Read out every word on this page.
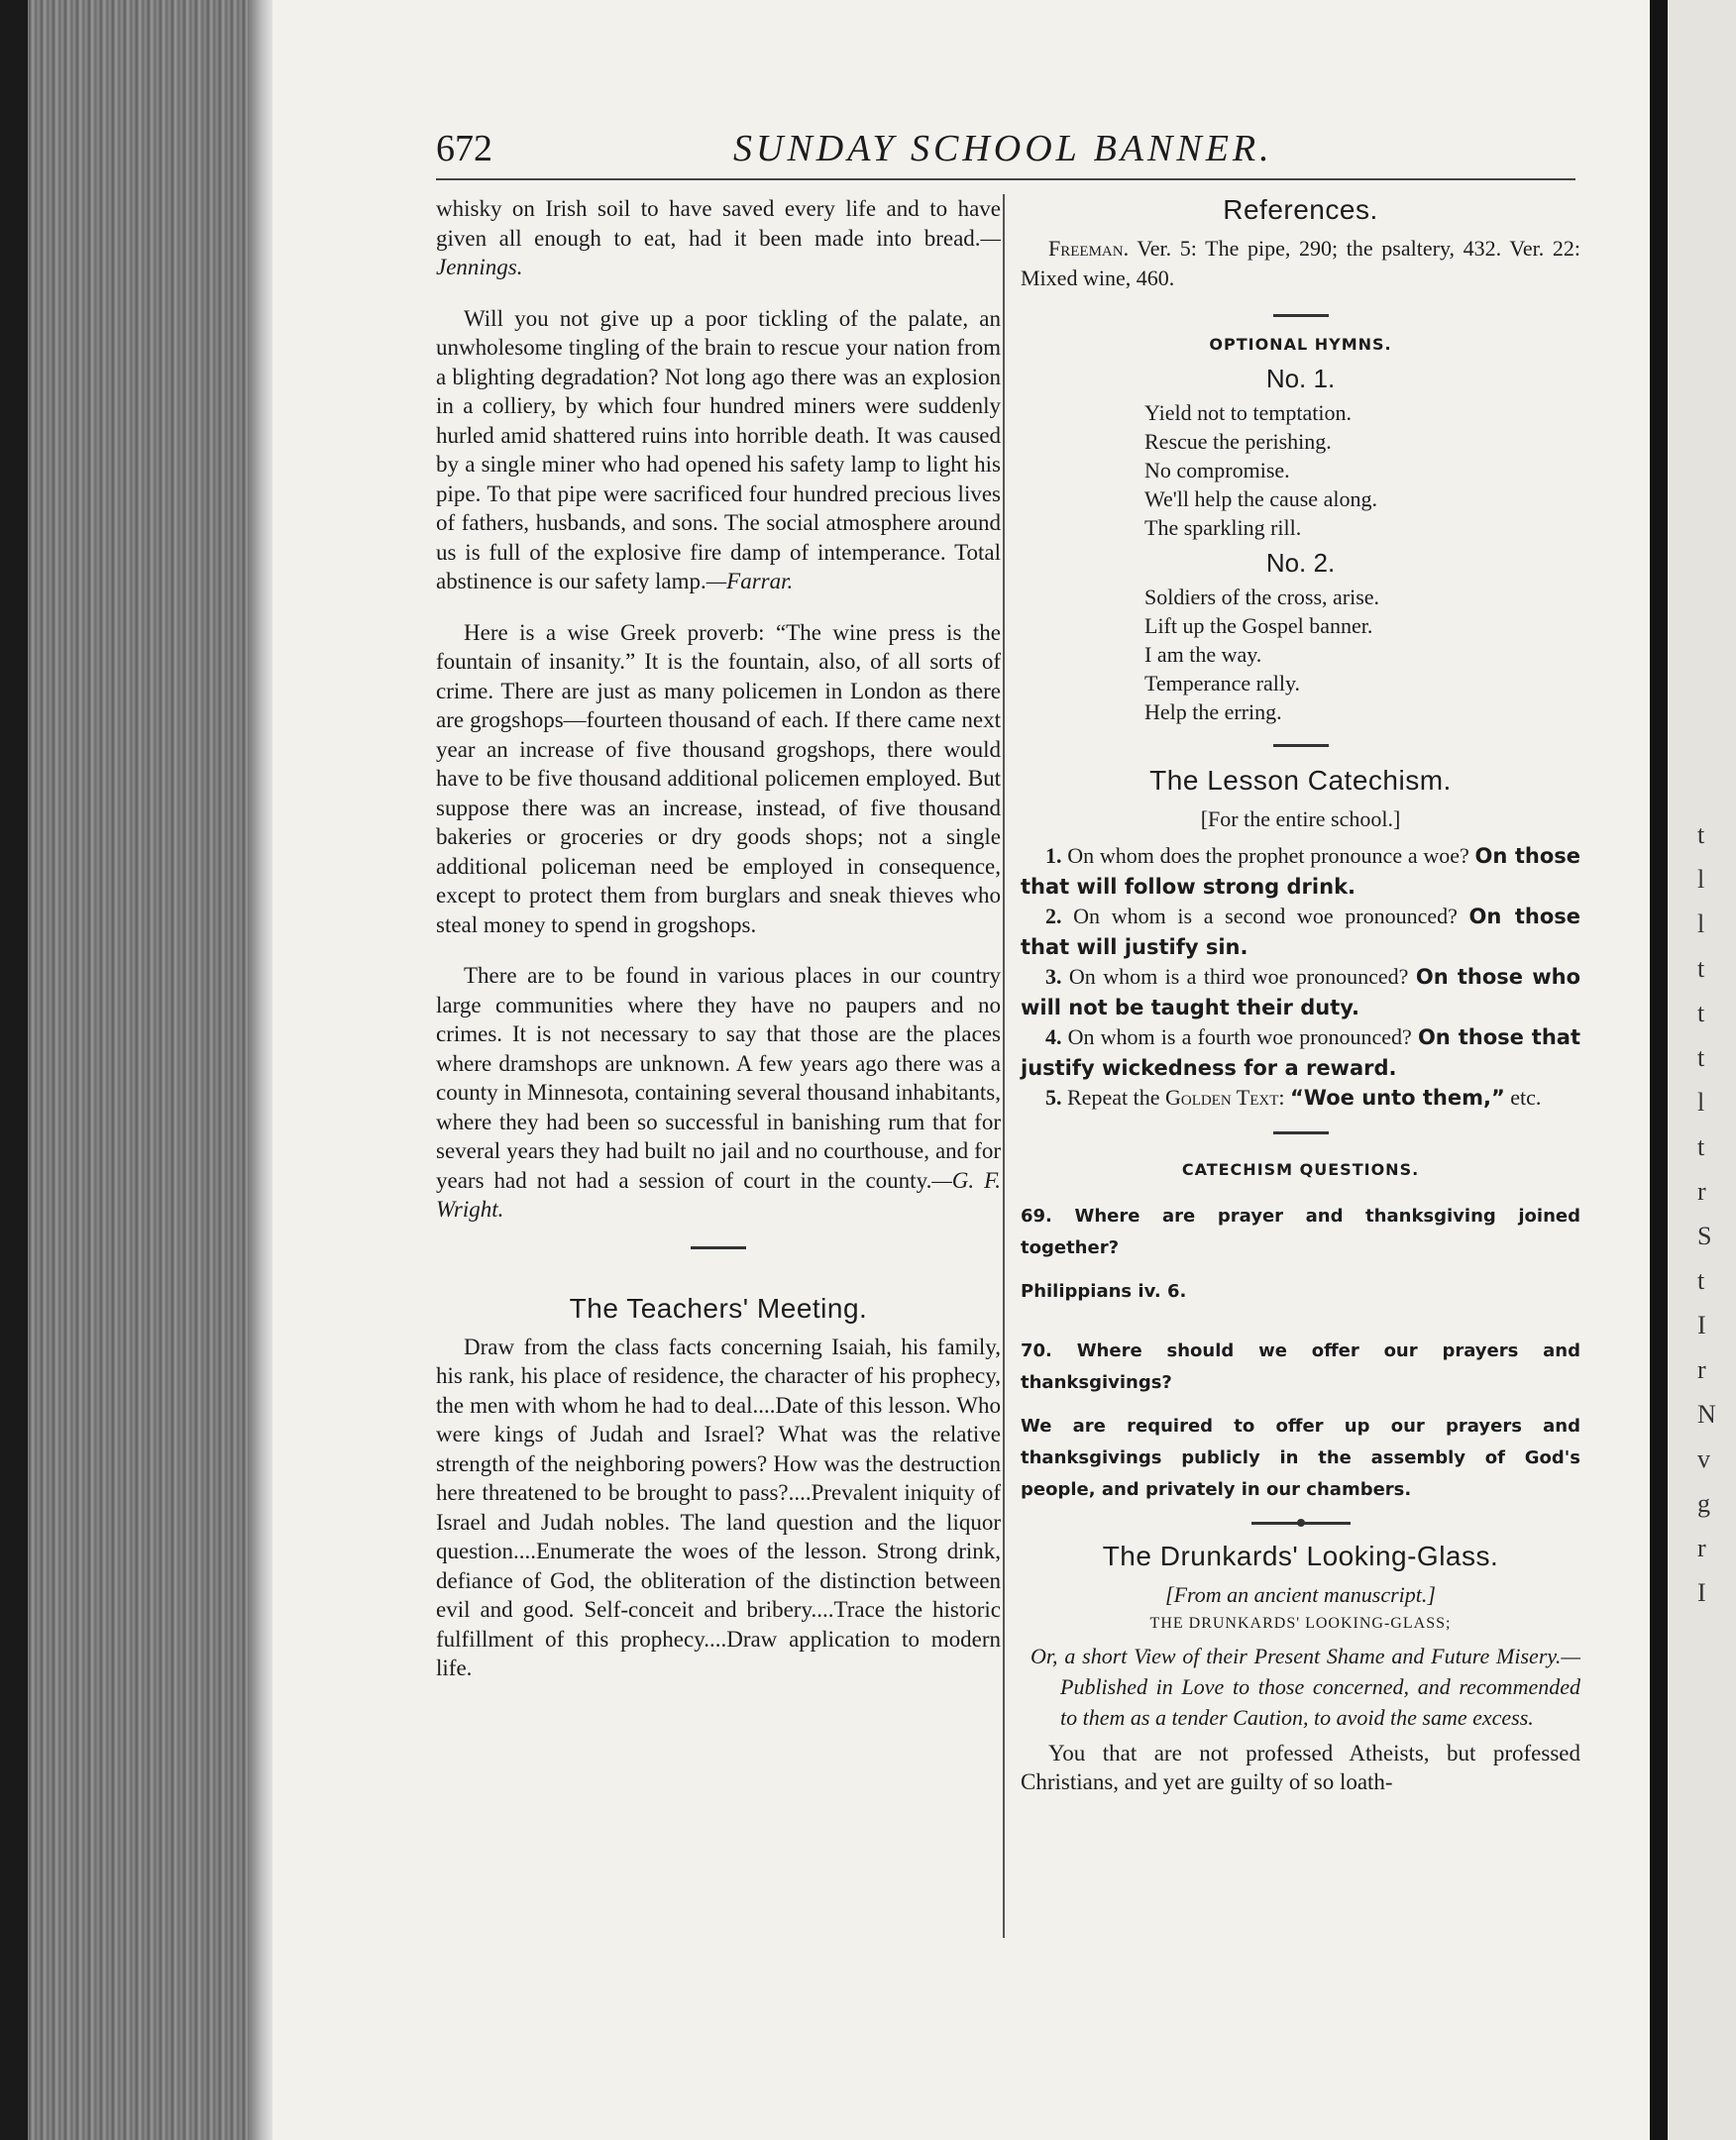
t
l
l
t
t
t
l
t
r
S
t
I
r
N
v
g
r
I
672	SUNDAY SCHOOL BANNER.

whisky on Irish soil to have saved every life and to have given all enough to eat, had it been made into bread.—Jennings.

Will you not give up a poor tickling of the palate, an unwholesome tingling of the brain to rescue your nation from a blighting degradation? Not long ago there was an explosion in a colliery, by which four hundred miners were suddenly hurled amid shattered ruins into horrible death. It was caused by a single miner who had opened his safety lamp to light his pipe. To that pipe were sacrificed four hundred precious lives of fathers, husbands, and sons. The social atmosphere around us is full of the explosive fire damp of intemperance. Total abstinence is our safety lamp.—Farrar.

Here is a wise Greek proverb: “The wine press is the fountain of insanity.” It is the fountain, also, of all sorts of crime. There are just as many policemen in London as there are grogshops—fourteen thousand of each. If there came next year an increase of five thousand grogshops, there would have to be five thousand additional policemen employed. But suppose there was an increase, instead, of five thousand bakeries or groceries or dry goods shops; not a single additional policeman need be employed in consequence, except to protect them from burglars and sneak thieves who steal money to spend in grogshops.

There are to be found in various places in our country large communities where they have no paupers and no crimes. It is not necessary to say that those are the places where dramshops are unknown. A few years ago there was a county in Minnesota, containing several thousand inhabitants, where they had been so successful in banishing rum that for several years they had built no jail and no courthouse, and for years had not had a session of court in the county.—G. F. Wright.

The Teachers' Meeting.

Draw from the class facts concerning Isaiah, his family, his rank, his place of residence, the character of his prophecy, the men with whom he had to deal....Date of this lesson. Who were kings of Judah and Israel? What was the relative strength of the neighboring powers? How was the destruction here threatened to be brought to pass?....Prevalent iniquity of Israel and Judah nobles. The land question and the liquor question....Enumerate the woes of the lesson. Strong drink, defiance of God, the obliteration of the distinction between evil and good. Self-conceit and bribery....Trace the historic fulfillment of this prophecy....Draw application to modern life.

References.

Freeman. Ver. 5: The pipe, 290; the psaltery, 432. Ver. 22: Mixed wine, 460.

OPTIONAL HYMNS.
No. 1.
Yield not to temptation.
Rescue the perishing.
No compromise.
We'll help the cause along.
The sparkling rill.
No. 2.
Soldiers of the cross, arise.
Lift up the Gospel banner.
I am the way.
Temperance rally.
Help the erring.
The Lesson Catechism.
[For the entire school.]

1. On whom does the prophet pronounce a woe? On those that will follow strong drink.

2. On whom is a second woe pronounced? On those that will justify sin.

3. On whom is a third woe pronounced? On those who will not be taught their duty.

4. On whom is a fourth woe pronounced? On those that justify wickedness for a reward.

5. Repeat the Golden Text: “Woe unto them,” etc.

CATECHISM QUESTIONS.

69. Where are prayer and thanksgiving joined together?

Philippians iv. 6.

70. Where should we offer our prayers and thanksgivings?

We are required to offer up our prayers and thanksgivings publicly in the assembly of God's people, and privately in our chambers.

The Drunkards' Looking-Glass.
[From an ancient manuscript.]
THE DRUNKARDS' LOOKING-GLASS;

Or, a short View of their Present Shame and Future Misery.—Published in Love to those concerned, and recommended to them as a tender Caution, to avoid the same excess.

You that are not professed Atheists, but professed Christians, and yet are guilty of so loath-
